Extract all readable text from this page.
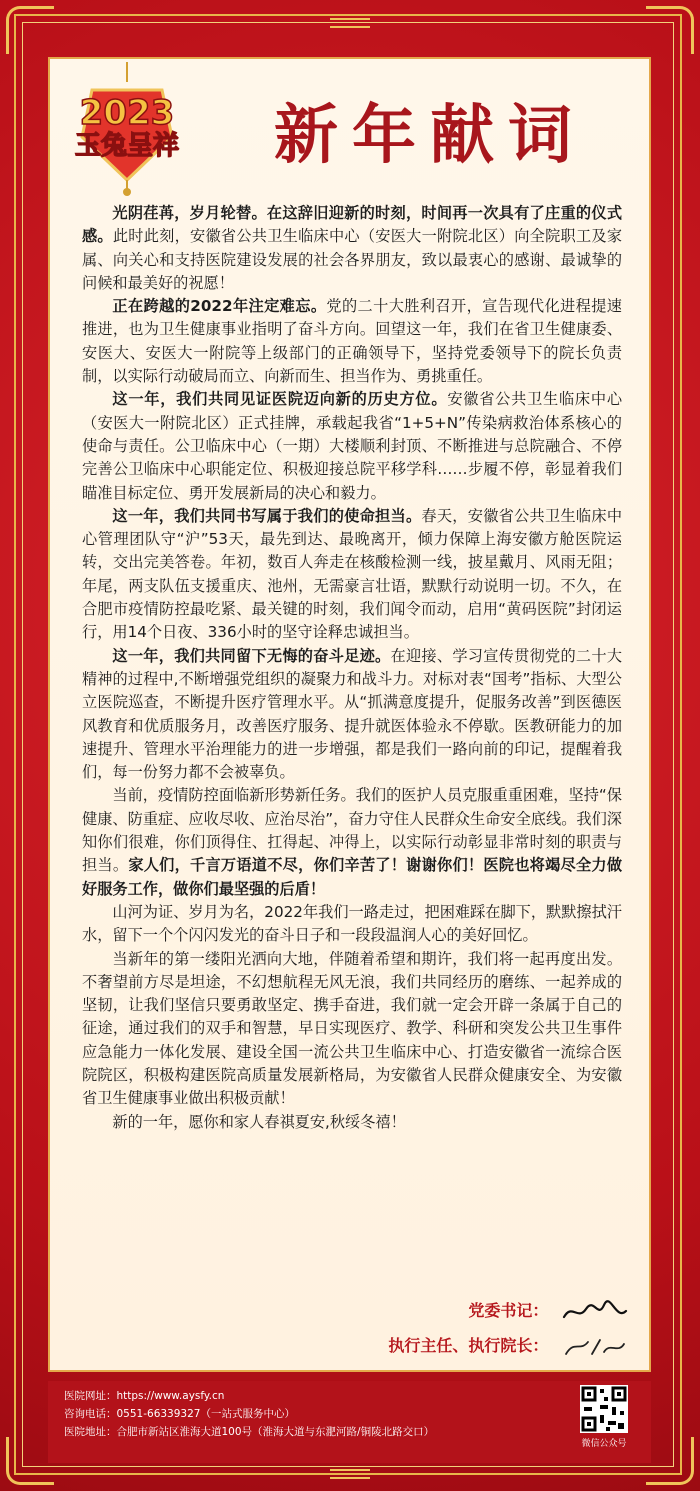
2023
玉兔呈祥	新年献词

光阴荏苒，岁月轮替。在这辞旧迎新的时刻，时间再一次具有了庄重的仪式感。此时此刻，安徽省公共卫生临床中心（安医大一附院北区）向全院职工及家属、向关心和支持医院建设发展的社会各界朋友，致以最衷心的感谢、最诚挚的问候和最美好的祝愿！

正在跨越的2022年注定难忘。党的二十大胜利召开，宣告现代化进程提速推进，也为卫生健康事业指明了奋斗方向。回望这一年，我们在省卫生健康委、安医大、安医大一附院等上级部门的正确领导下，坚持党委领导下的院长负责制，以实际行动破局而立、向新而生、担当作为、勇挑重任。

这一年，我们共同见证医院迈向新的历史方位。安徽省公共卫生临床中心（安医大一附院北区）正式挂牌，承载起我省“1+5+N”传染病救治体系核心的使命与责任。公卫临床中心（一期）大楼顺利封顶、不断推进与总院融合、不停完善公卫临床中心职能定位、积极迎接总院平移学科……步履不停，彰显着我们瞄准目标定位、勇开发展新局的决心和毅力。

这一年，我们共同书写属于我们的使命担当。春天，安徽省公共卫生临床中心管理团队守“沪”53天，最先到达、最晚离开，倾力保障上海安徽方舱医院运转，交出完美答卷。年初，数百人奔走在核酸检测一线，披星戴月、风雨无阻；年尾，两支队伍支援重庆、池州，无需豪言壮语，默默行动说明一切。不久，在合肥市疫情防控最吃紧、最关键的时刻，我们闻令而动，启用“黄码医院”封闭运行，用14个日夜、336小时的坚守诠释忠诚担当。

这一年，我们共同留下无悔的奋斗足迹。在迎接、学习宣传贯彻党的二十大精神的过程中,不断增强党组织的凝聚力和战斗力。对标对表“国考”指标、大型公立医院巡查，不断提升医疗管理水平。从“抓满意度提升，促服务改善”到医德医风教育和优质服务月，改善医疗服务、提升就医体验永不停歇。医教研能力的加速提升、管理水平治理能力的进一步增强，都是我们一路向前的印记，提醒着我们，每一份努力都不会被辜负。

当前，疫情防控面临新形势新任务。我们的医护人员克服重重困难，坚持“保健康、防重症、应收尽收、应治尽治”，奋力守住人民群众生命安全底线。我们深知你们很难，你们顶得住、扛得起、冲得上，以实际行动彰显非常时刻的职责与担当。家人们，千言万语道不尽，你们辛苦了！谢谢你们！医院也将竭尽全力做好服务工作，做你们最坚强的后盾！

山河为证、岁月为名，2022年我们一路走过，把困难踩在脚下，默默擦拭汗水，留下一个个闪闪发光的奋斗日子和一段段温润人心的美好回忆。

当新年的第一缕阳光洒向大地，伴随着希望和期许，我们将一起再度出发。不奢望前方尽是坦途，不幻想航程无风无浪，我们共同经历的磨练、一起养成的坚韧，让我们坚信只要勇敢坚定、携手奋进，我们就一定会开辟一条属于自己的征途，通过我们的双手和智慧，早日实现医疗、教学、科研和突发公共卫生事件应急能力一体化发展、建设全国一流公共卫生临床中心、打造安徽省一流综合医院院区，积极构建医院高质量发展新格局，为安徽省人民群众健康安全、为安徽省卫生健康事业做出积极贡献！

新的一年，愿你和家人春祺夏安,秋绥冬禧！

党委书记：
执行主任、执行院长：
医院网址：https://www.aysfy.cn
咨询电话：0551-66339327（一站式服务中心）
医院地址：合肥市新站区淮海大道100号（淮海大道与东淝河路/铜陵北路交口）
微信公众号
